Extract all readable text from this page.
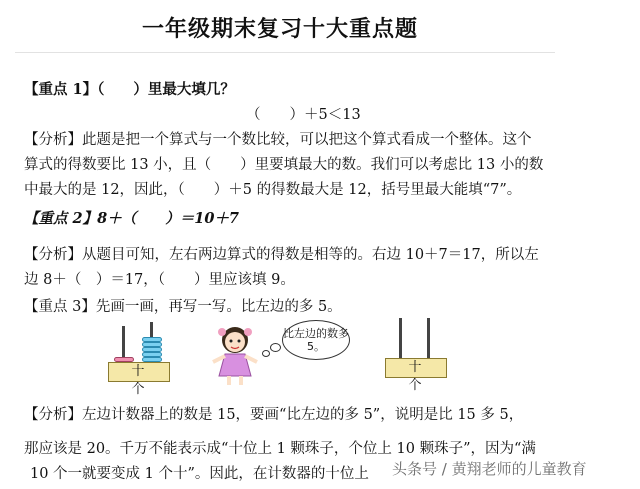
一年级期末复习十大重点题
【重点 1】（　　）里最大填几？
（　　）＋5＜13
【分析】此题是把一个算式与一个数比较，可以把这个算式看成一个整体。这个
算式的得数要比 13 小，且（　　）里要填最大的数。我们可以考虑比 13 小的数
中最大的是 12，因此，（　　）＋5 的得数最大是 12，括号里最大能填“7”。
【重点 2】8＋（　　）＝10＋7
【分析】从题目可知，左右两边算式的得数是相等的。右边 10＋7＝17，所以左
边 8＋（　）＝17，（　　）里应该填 9。
【重点 3】先画一画，再写一写。比左边的多 5。
十 个
比左边的数多 5。
十 个
【分析】左边计数器上的数是 15，要画“比左边的多 5”，说明是比 15 多 5，
那应该是 20。千万不能表示成“十位上 1 颗珠子，个位上 10 颗珠子”，因为“满
10 个一就要变成 1 个十”。因此，在计数器的十位上 头条号 / 黄翔老师的儿童教育
